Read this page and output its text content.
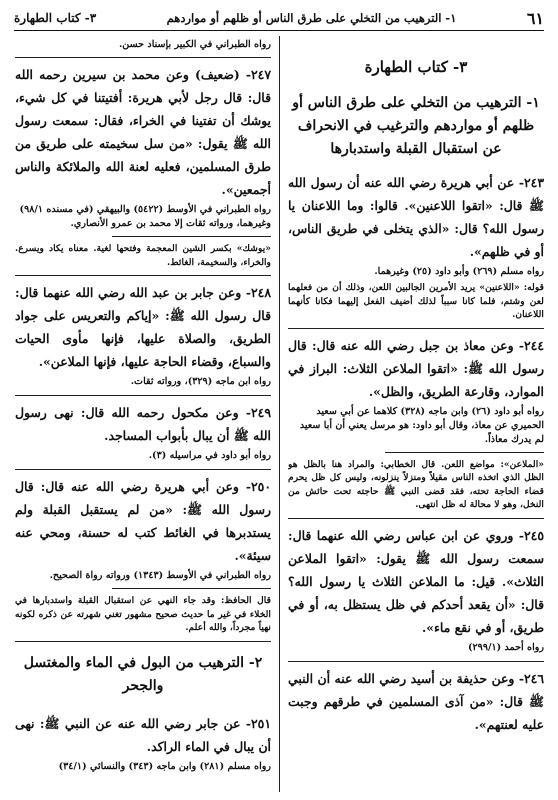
٦١
١- الترهيب من التخلي على طرق الناس أو ظلهم أو مواردهم
٣- كتاب الطهارة
٣- كتاب الطهارة
١- الترهيب من التخلي على طرق الناس أو ظلهم أو مواردهم والترغيب في الانحراف عن استقبال القبلة واستدبارها
٢٤٣- عن أبي هريرة رضي الله عنه أن رسول الله ﷺ قال: «اتقوا اللاعنين». قالوا: وما اللاعنان يا رسول الله؟ قال: «الذي يتخلى في طريق الناس، أو في ظلهم».
رواه مسلم (٢٦٩) وأبو داود (٢٥) وغيرهما.
قوله: «اللاعنين» يريد الأمرين الجالبين اللعن، وذلك أن من فعلهما لعن وشتم، فلما كانا سبباً لذلك أضيف الفعل إليهما فكانا كأنهما اللاعنان.
٢٤٤- وعن معاذ بن جبل رضي الله عنه قال: قال رسول الله ﷺ: «اتقوا الملاعن الثلاث: البراز في الموارد، وقارعة الطريق، والظل».
رواه أبو داود (٢٦) وابن ماجه (٣٢٨) كلاهما عن أبي سعيد الحميري عن معاذ، وقال أبو داود: هو مرسل يعني أن أبا سعيد لم يدرك معاذاً.
«الملاعن»: مواضع اللعن. قال الخطابي: والمراد هنا بالظل هو الظل الذي اتخذه الناس مقيلاً ومنزلاً ينزلونه، وليس كل ظل يحرم قضاء الحاجة تحته، فقد قضى النبي ﷺ حاجته تحت حائش من النخل، وهو لا محالة له ظل انتهى.
٢٤٥- وروي عن ابن عباس رضي الله عنهما قال: سمعت رسول الله ﷺ يقول: «اتقوا الملاعن الثلاث». قيل: ما الملاعن الثلاث يا رسول الله؟ قال: «أن يقعد أحدكم في ظل يستظل به، أو في طريق، أو في نقع ماء».
رواه أحمد (٢٩٩/١)
٢٤٦- وعن حذيفة بن أسيد رضي الله عنه أن النبي ﷺ قال: «من آذى المسلمين في طرقهم وجبت عليه لعنتهم».
رواه الطبراني في الكبير بإسناد حسن.
٢٤٧- (ضعيف) وعن محمد بن سيرين رحمه الله قال: قال رجل لأبي هريرة: أفتيتنا في كل شيء، يوشك أن تفتينا في الخراء، فقال: سمعت رسول الله ﷺ يقول: «من سل سخيمته على طريق من طرق المسلمين، فعليه لعنة الله والملائكة والناس أجمعين».
رواه الطبراني في الأوسط (٥٤٢٢) والبيهقي (في مسنده ٩٨/١) وغيرهما، ورواته ثقات إلا محمد بن عمرو الأنصاري.
«يوشك» بكسر الشين المعجمة وفتحها لغية. معناه يكاد ويسرع. والخراء، والسخيمة، الغائط.
٢٤٨- وعن جابر بن عبد الله رضي الله عنهما قال: قال رسول الله ﷺ: «إياكم والتعريس على جواد الطريق، والصلاة عليها، فإنها مأوى الحيات والسباع، وقضاء الحاجة عليها، فإنها الملاعن».
رواه ابن ماجه (٣٢٩)، ورواته ثقات.
٢٤٩- وعن مكحول رحمه الله قال: نهى رسول الله ﷺ أن يبال بأبواب المساجد.
رواه أبو داود في مراسيله (٣).
٢٥٠- وعن أبي هريرة رضي الله عنه قال: قال رسول الله ﷺ: «من لم يستقبل القبلة ولم يستدبرها في الغائط كتب له حسنة، ومحي عنه سيئة».
رواه الطبراني في الأوسط (١٣٤٣) ورواته رواة الصحيح.
قال الحافظ: وقد جاء النهي عن استقبال القبلة واستدبارها في الخلاء في غير ما حديث صحيح مشهور تغني شهرته عن ذكره لكونه نهياً مجرداً، والله أعلم.
٢- الترهيب من البول في الماء والمغتسل والجحر
٢٥١- عن جابر رضي الله عنه عن النبي ﷺ: نهى أن يبال في الماء الراكد.
رواه مسلم (٢٨١) وابن ماجه (٣٤٣) والنسائي (٣٤/١)
